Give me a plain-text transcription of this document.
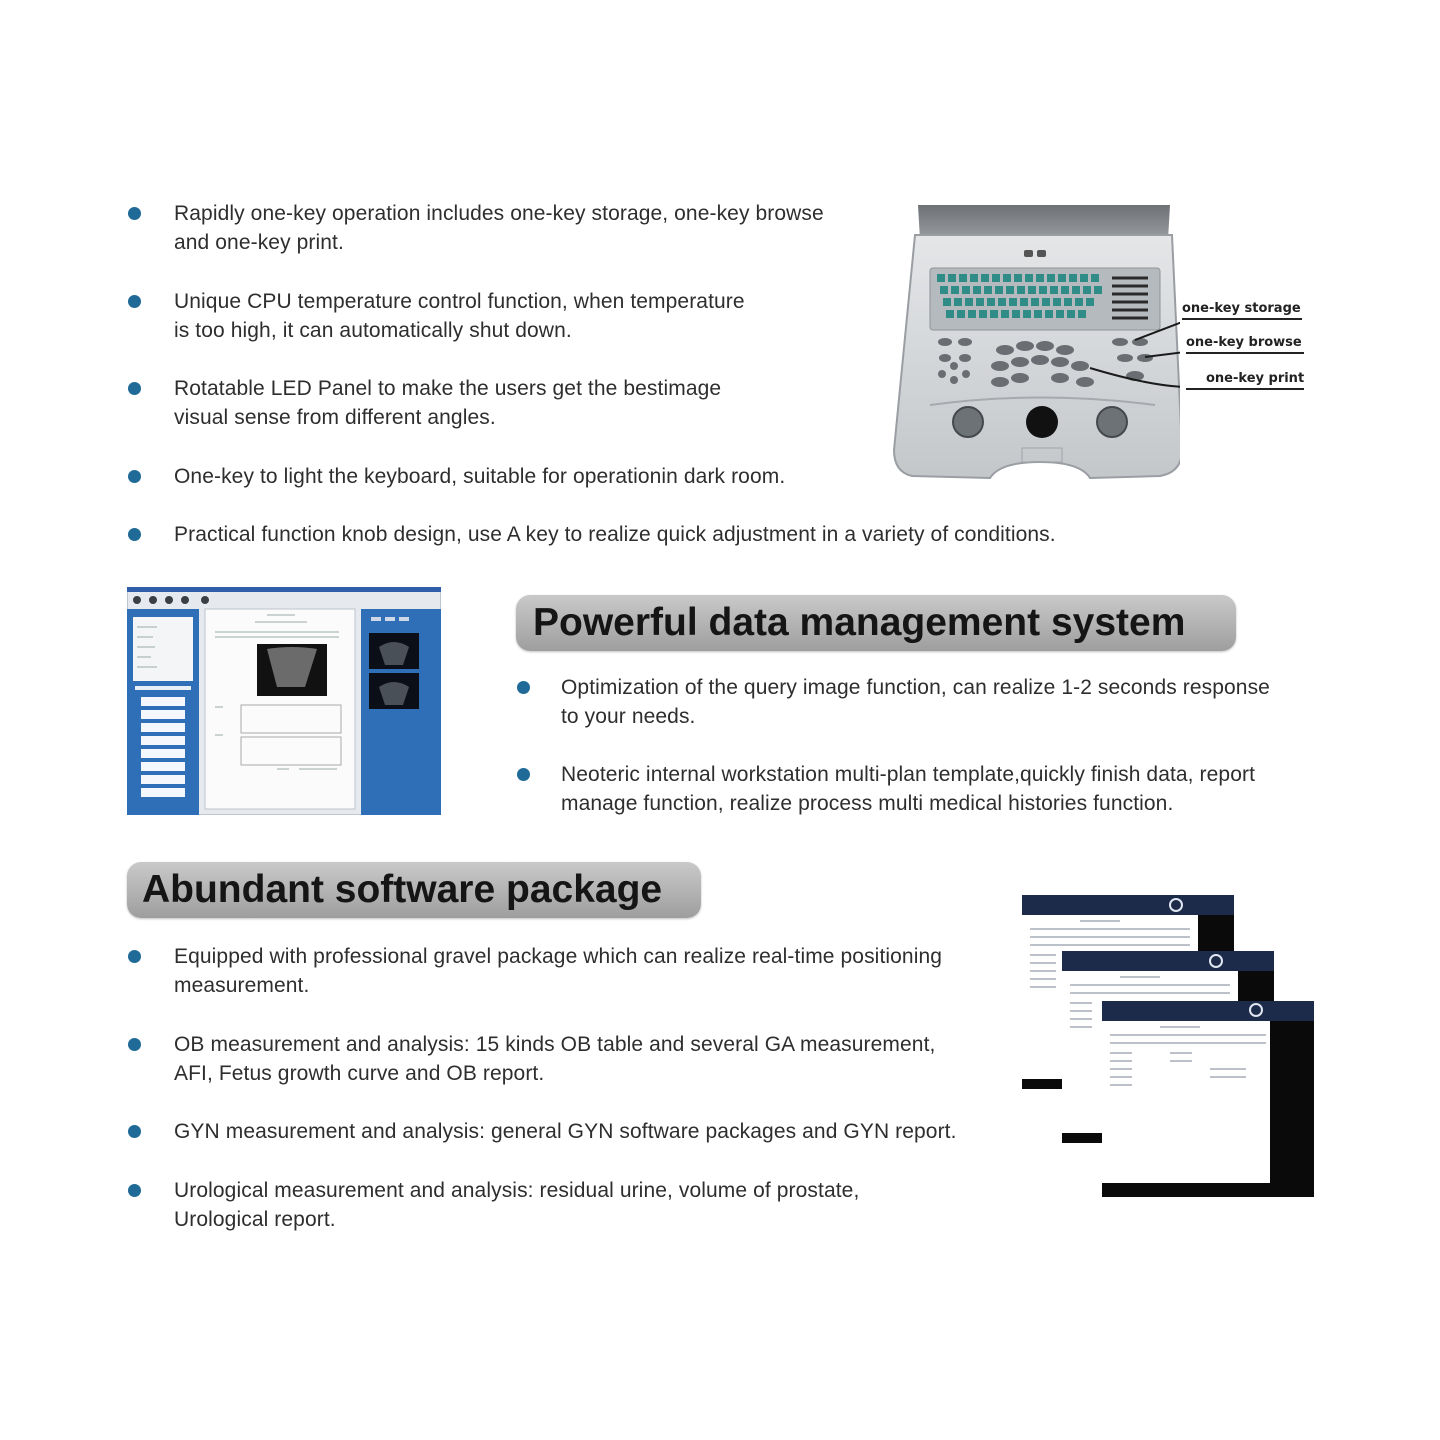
Rapidly one-key operation includes one-key storage, one-key browse
and one-key print.
Unique CPU temperature control function, when temperature
is too high, it can automatically shut down.
Rotatable LED Panel to make the users get the bestimage
visual sense from different angles.
One-key to light the keyboard, suitable for operationin dark room.
Practical function knob design, use A key to realize quick adjustment in a variety of conditions.
one-key storage
one-key browse
one-key print
Powerful data management system
Optimization of the query image function, can realize 1-2 seconds response
to your needs.
Neoteric internal workstation multi-plan template,quickly finish data, report
manage function, realize process multi medical histories function.
Abundant software package
Equipped with professional gravel package which can realize real-time positioning
measurement.
OB measurement and analysis: 15 kinds OB table and several GA measurement,
AFI, Fetus growth curve and OB report.
GYN measurement and analysis: general GYN software packages and GYN report.
Urological measurement and analysis: residual urine, volume of prostate,
Urological report.
